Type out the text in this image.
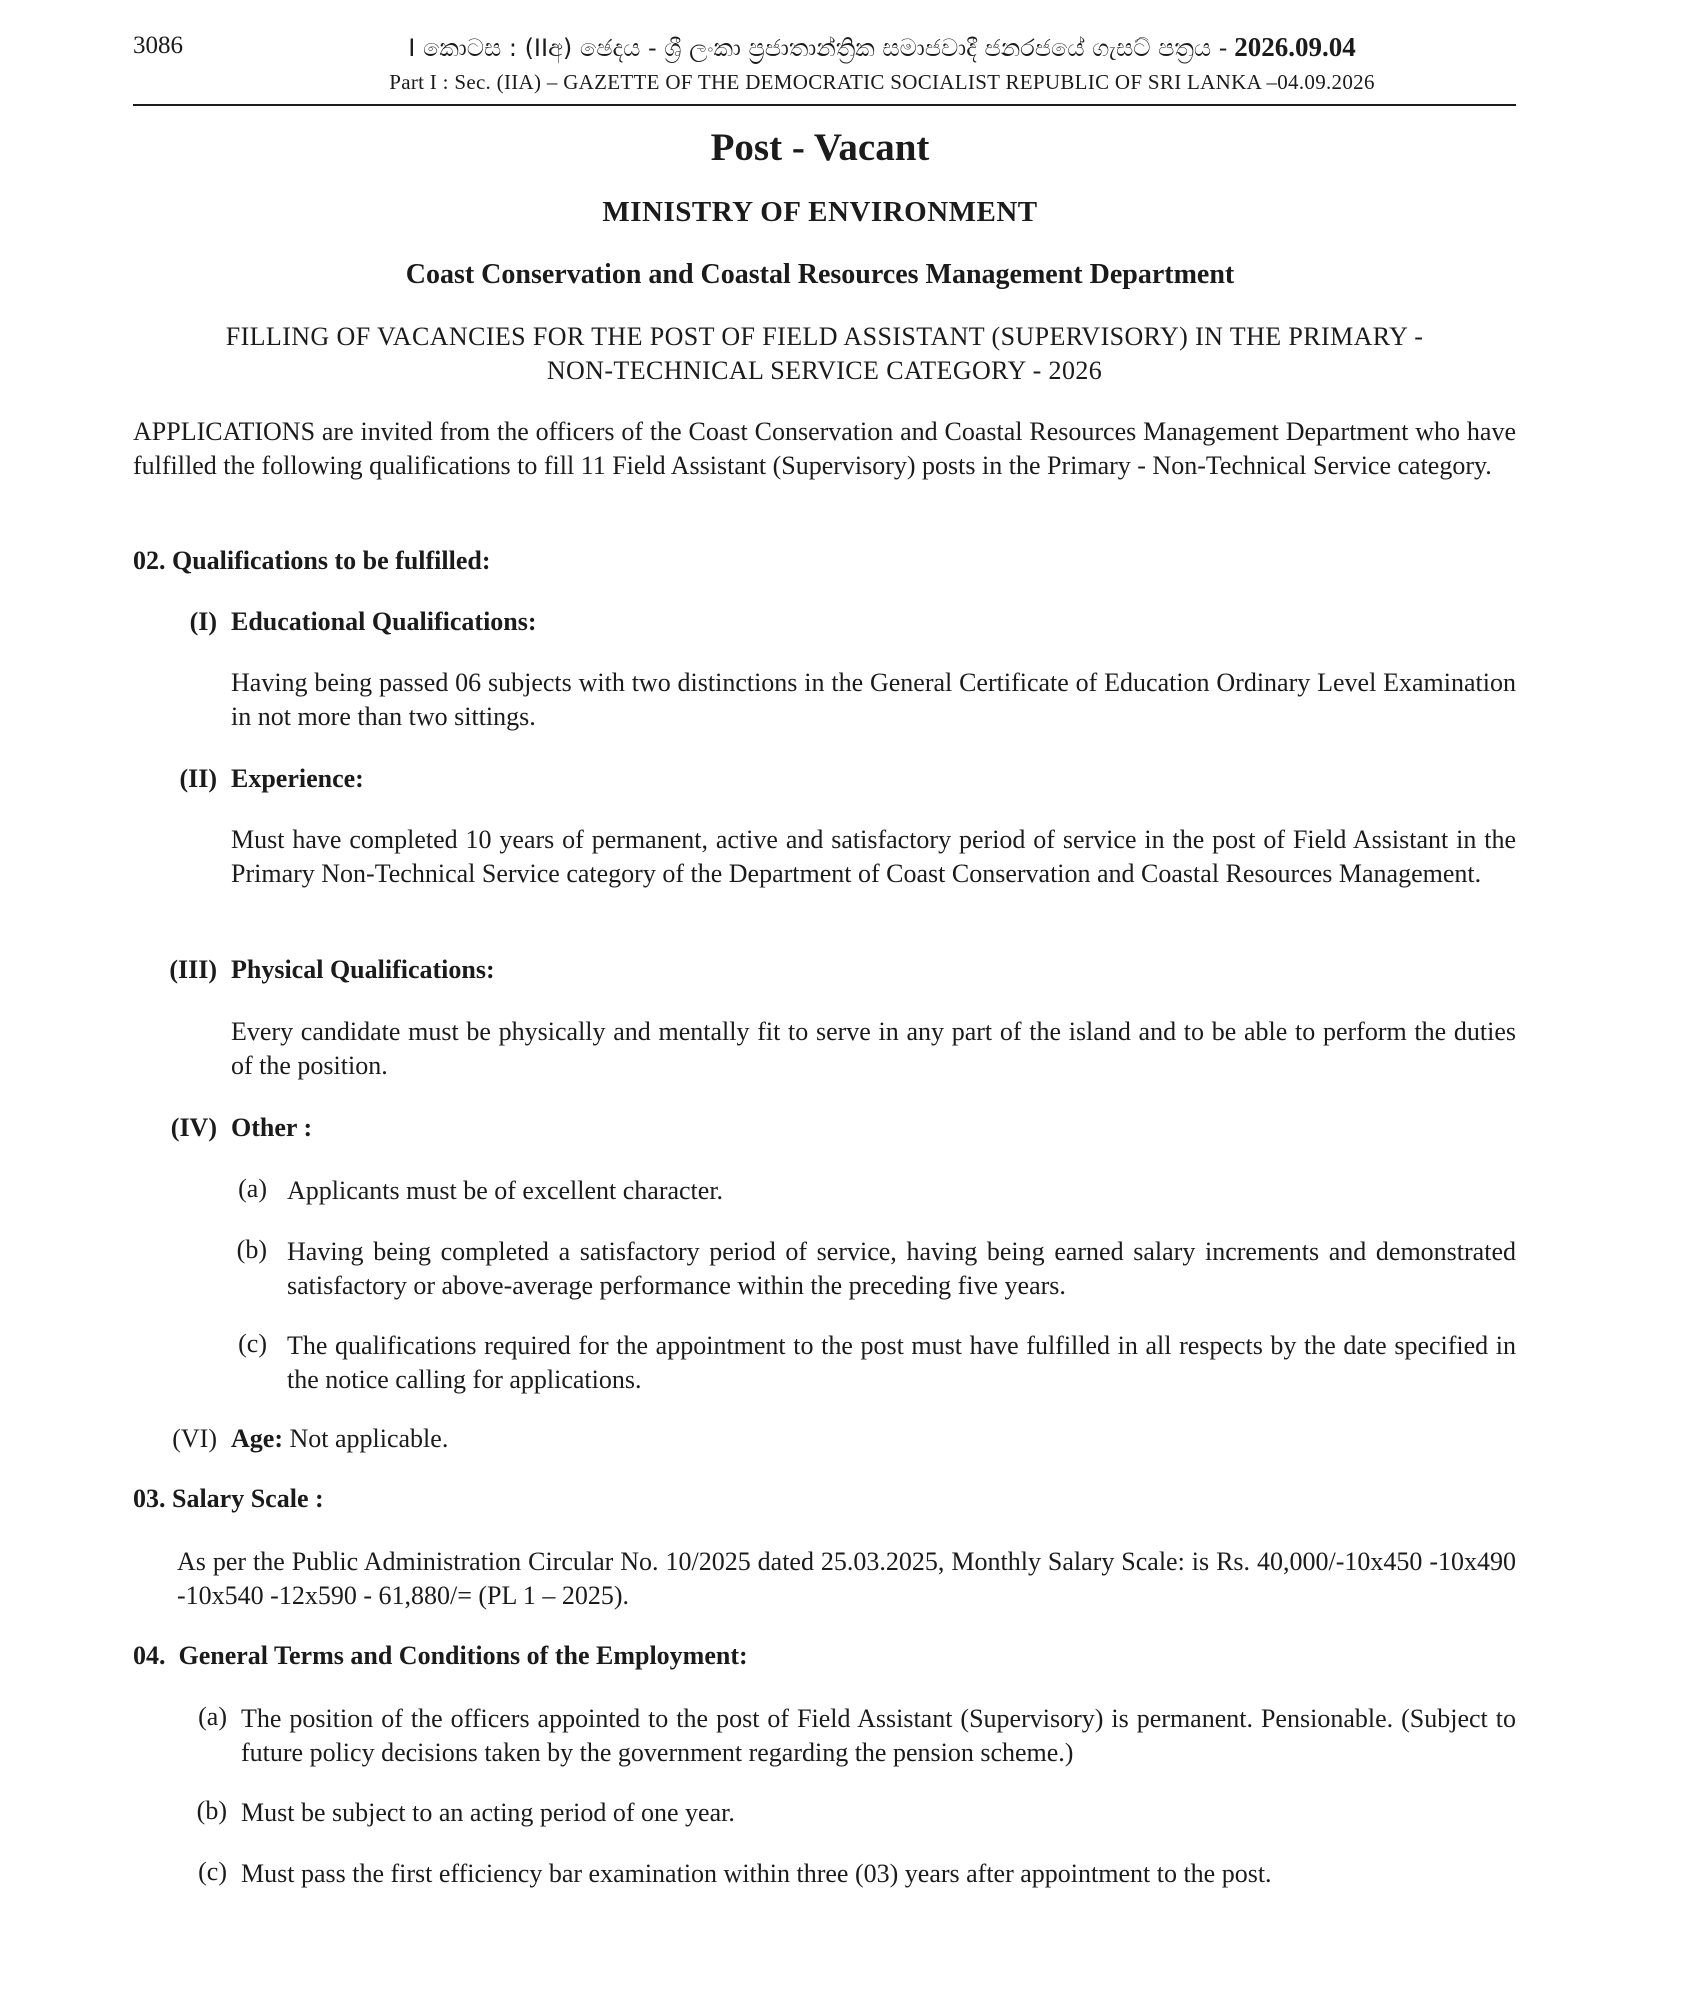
3086	I කොටස : (IIඅ) ඡෙදය - ශ්‍රී ලංකා ප්‍රජාතාන්ත්‍රික සමාජවාදී ජනරජයේ ගැසට් පත්‍රය - 2026.09.04
Part I : Sec. (IIA) – GAZETTE OF THE DEMOCRATIC SOCIALIST REPUBLIC OF SRI LANKA –04.09.2026
Post - Vacant
MINISTRY OF ENVIRONMENT
Coast Conservation and Coastal Resources Management Department
FILLING OF VACANCIES FOR THE POST OF FIELD ASSISTANT (SUPERVISORY) IN THE PRIMARY -
NON-TECHNICAL SERVICE CATEGORY - 2026
APPLICATIONS are invited from the officers of the Coast Conservation and Coastal Resources Management Department who have fulfilled the following qualifications to fill 11 Field Assistant (Supervisory) posts in the Primary - Non-Technical Service category.
02. Qualifications to be fulfilled:
(I) Educational Qualifications:
Having being passed 06 subjects with two distinctions in the General Certificate of Education Ordinary Level Examination in not more than two sittings.
(II) Experience:
Must have completed 10 years of permanent, active and satisfactory period of service in the post of Field Assistant in the Primary Non-Technical Service category of the Department of Coast Conservation and Coastal Resources Management.
(III) Physical Qualifications:
Every candidate must be physically and mentally fit to serve in any part of the island and to be able to perform the duties of the position.
(IV) Other :
(a) Applicants must be of excellent character.
(b) Having being completed a satisfactory period of service, having being earned salary increments and demonstrated satisfactory or above-average performance within the preceding five years.
(c) The qualifications required for the appointment to the post must have fulfilled in all respects by the date specified in the notice calling for applications.
(VI) Age: Not applicable.
03. Salary Scale :
As per the Public Administration Circular No. 10/2025 dated 25.03.2025, Monthly Salary Scale: is Rs. 40,000/-10x450 -10x490 -10x540 -12x590 - 61,880/= (PL 1 – 2025).
04.  General Terms and Conditions of the Employment:
(a) The position of the officers appointed to the post of Field Assistant (Supervisory) is permanent. Pensionable. (Subject to future policy decisions taken by the government regarding the pension scheme.)
(b) Must be subject to an acting period of one year.
(c) Must pass the first efficiency bar examination within three (03) years after appointment to the post.
